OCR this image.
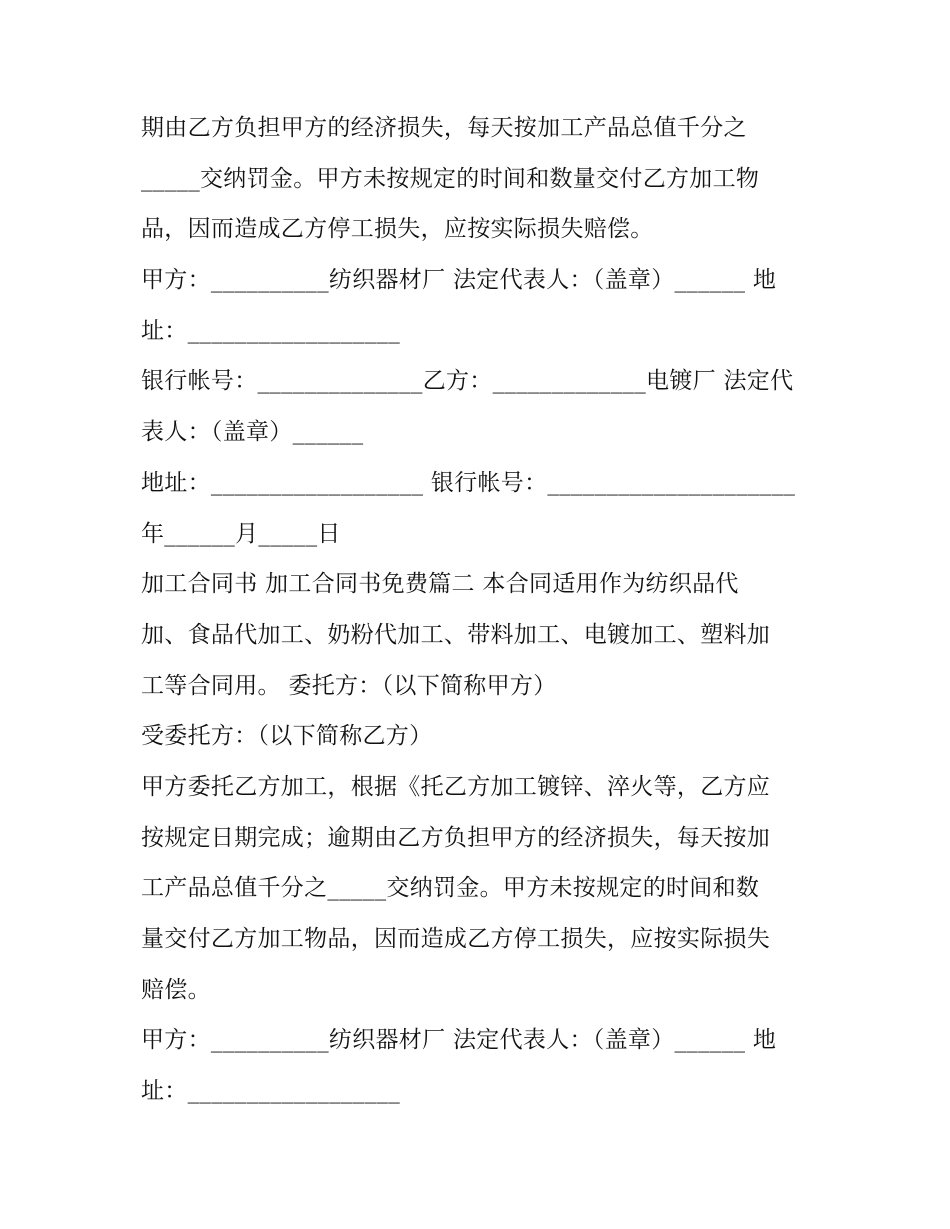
期由乙方负担甲方的经济损失，每天按加工产品总值千分之
_____交纳罚金。甲方未按规定的时间和数量交付乙方加工物
品，因而造成乙方停工损失，应按实际损失赔偿。
甲方：__________纺织器材厂 法定代表人：（盖章）______ 地
址：__________________
银行帐号：______________乙方：_____________电镀厂 法定代
表人：（盖章）______
地址：__________________ 银行帐号：_____________________
年______月_____日
加工合同书 加工合同书免费篇二 本合同适用作为纺织品代
加、食品代加工、奶粉代加工、带料加工、电镀加工、塑料加
工等合同用。 委托方：（以下简称甲方）
受委托方：（以下简称乙方）
甲方委托乙方加工，根据《托乙方加工镀锌、淬火等，乙方应
按规定日期完成；逾期由乙方负担甲方的经济损失，每天按加
工产品总值千分之_____交纳罚金。甲方未按规定的时间和数
量交付乙方加工物品，因而造成乙方停工损失，应按实际损失
赔偿。
甲方：__________纺织器材厂 法定代表人：（盖章）______ 地
址：__________________
